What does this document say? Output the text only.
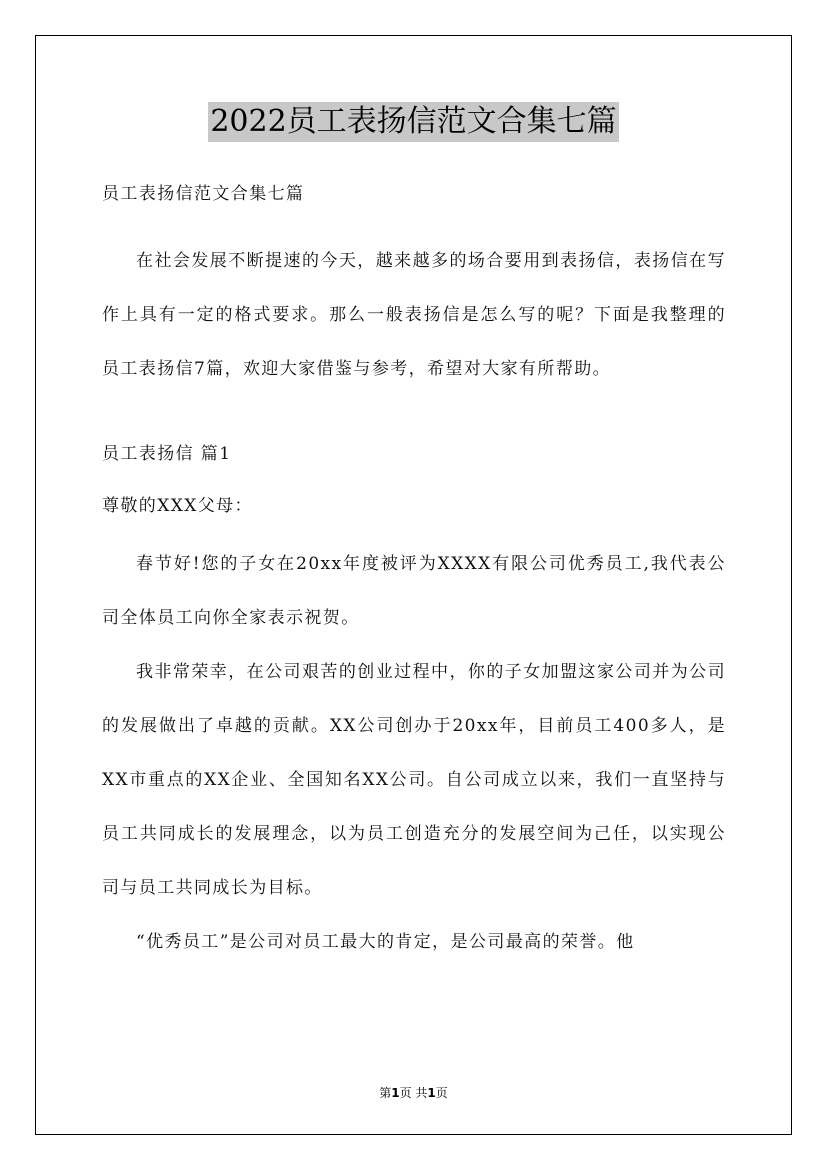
2022员工表扬信范文合集七篇
员工表扬信范文合集七篇

在社会发展不断提速的今天，越来越多的场合要用到表扬信，表扬信在写作上具有一定的格式要求。那么一般表扬信是怎么写的呢？下面是我整理的员工表扬信7篇，欢迎大家借鉴与参考，希望对大家有所帮助。

员工表扬信 篇1
尊敬的XXX父母：

春节好!您的子女在20xx年度被评为XXXX有限公司优秀员工,我代表公司全体员工向你全家表示祝贺。

我非常荣幸，在公司艰苦的创业过程中，你的子女加盟这家公司并为公司的发展做出了卓越的贡献。XX公司创办于20xx年，目前员工400多人，是XX市重点的XX企业、全国知名XX公司。自公司成立以来，我们一直坚持与员工共同成长的发展理念，以为员工创造充分的发展空间为己任，以实现公司与员工共同成长为目标。

“优秀员工”是公司对员工最大的肯定，是公司最高的荣誉。他

第1页 共1页
